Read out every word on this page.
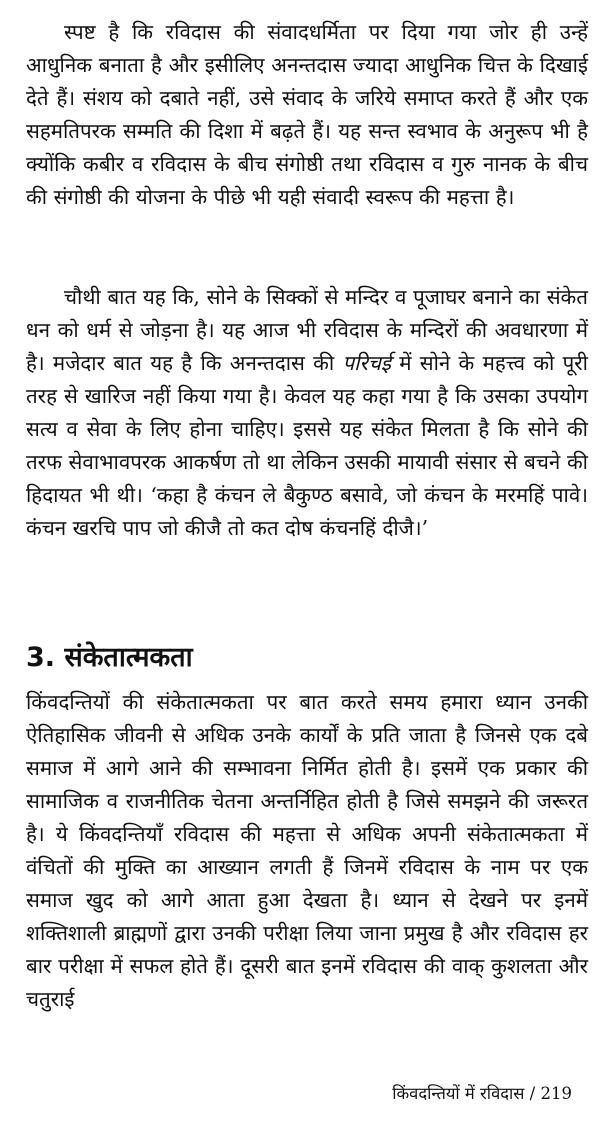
स्पष्ट है कि रविदास की संवादधर्मिता पर दिया गया जोर ही उन्हें आधुनिक बनाता है और इसीलिए अनन्तदास ज्यादा आधुनिक चित्त के दिखाई देते हैं। संशय को दबाते नहीं, उसे संवाद के जरिये समाप्त करते हैं और एक सहमतिपरक सम्मति की दिशा में बढ़ते हैं। यह सन्त स्वभाव के अनुरूप भी है क्योंकि कबीर व रविदास के बीच संगोष्ठी तथा रविदास व गुरु नानक के बीच की संगोष्ठी की योजना के पीछे भी यही संवादी स्वरूप की महत्ता है।

चौथी बात यह कि, सोने के सिक्कों से मन्दिर व पूजाघर बनाने का संकेत धन को धर्म से जोड़ना है। यह आज भी रविदास के मन्दिरों की अवधारणा में है। मजेदार बात यह है कि अनन्तदास की परिचई में सोने के महत्त्व को पूरी तरह से खारिज नहीं किया गया है। केवल यह कहा गया है कि उसका उपयोग सत्य व सेवा के लिए होना चाहिए। इससे यह संकेत मिलता है कि सोने की तरफ सेवाभावपरक आकर्षण तो था लेकिन उसकी मायावी संसार से बचने की हिदायत भी थी। ‘कहा है कंचन ले बैकुण्ठ बसावे, जो कंचन के मरमहिं पावे। कंचन खरचि पाप जो कीजै तो कत दोष कंचनहिं दीजै।’

3. संकेतात्मकता

किंवदन्तियों की संकेतात्मकता पर बात करते समय हमारा ध्यान उनकी ऐतिहासिक जीवनी से अधिक उनके कार्यों के प्रति जाता है जिनसे एक दबे समाज में आगे आने की सम्भावना निर्मित होती है। इसमें एक प्रकार की सामाजिक व राजनीतिक चेतना अन्तर्निहित होती है जिसे समझने की जरूरत है। ये किंवदन्तियाँ रविदास की महत्ता से अधिक अपनी संकेतात्मकता में वंचितों की मुक्ति का आख्यान लगती हैं जिनमें रविदास के नाम पर एक समाज खुद को आगे आता हुआ देखता है। ध्यान से देखने पर इनमें शक्तिशाली ब्राह्मणों द्वारा उनकी परीक्षा लिया जाना प्रमुख है और रविदास हर बार परीक्षा में सफल होते हैं। दूसरी बात इनमें रविदास की वाक् कुशलता और चतुराई

किंवदन्तियों में रविदास / 219
